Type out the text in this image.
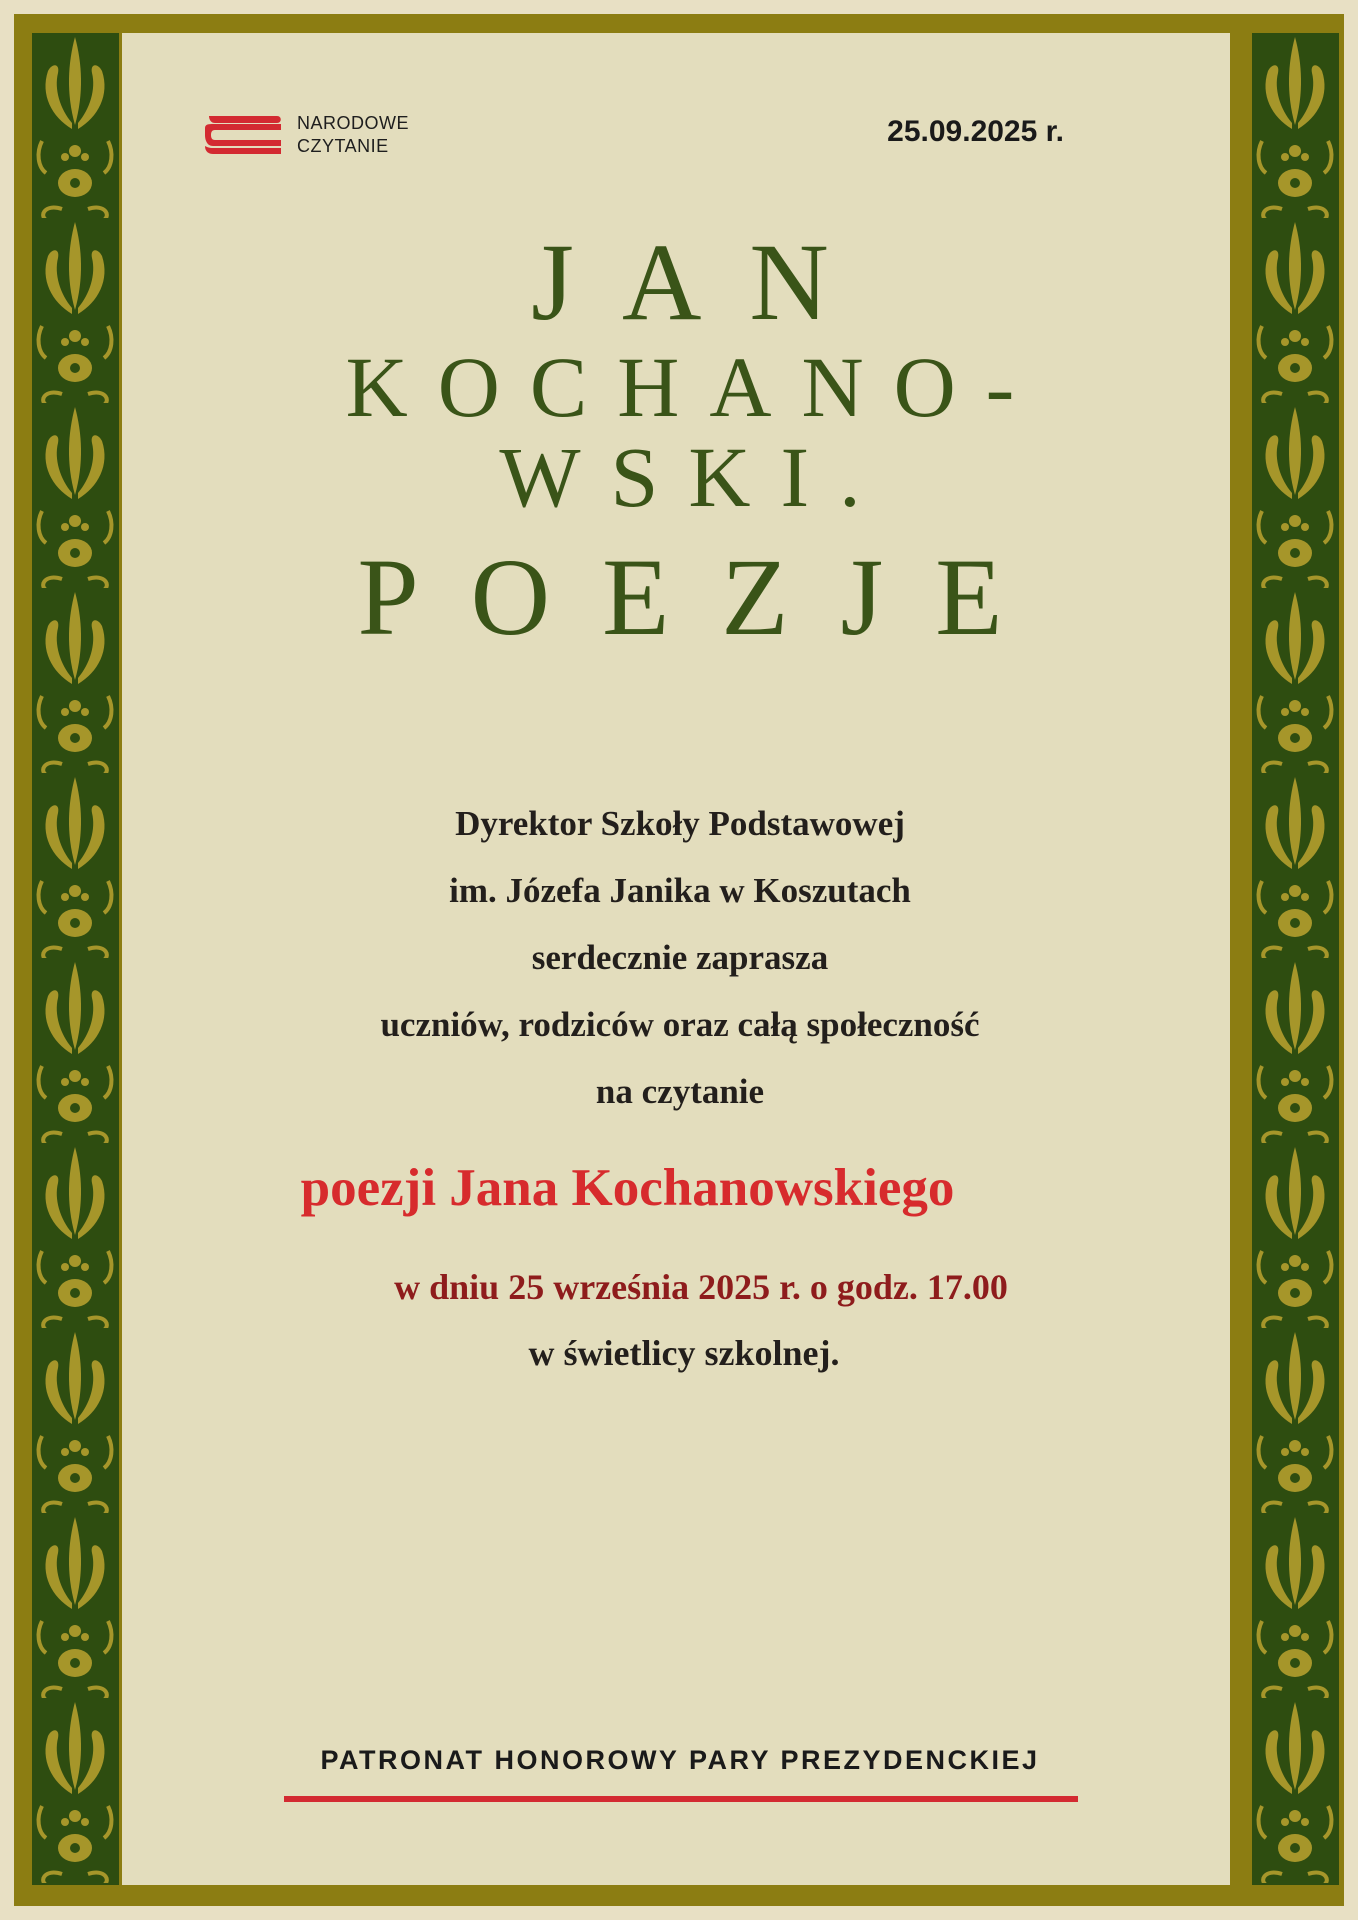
NARODOWE
CZYTANIE	25.09.2025 r.
JAN
KOCHANO-
WSKI.
POEZJE
Dyrektor Szkoły Podstawowej
im. Józefa Janika w Koszutach
serdecznie zaprasza
uczniów, rodziców oraz całą społeczność
na czytanie
poezji Jana Kochanowskiego
w dniu 25 września 2025 r. o godz. 17.00
w świetlicy szkolnej.
PATRONAT HONOROWY PARY PREZYDENCKIEJ
